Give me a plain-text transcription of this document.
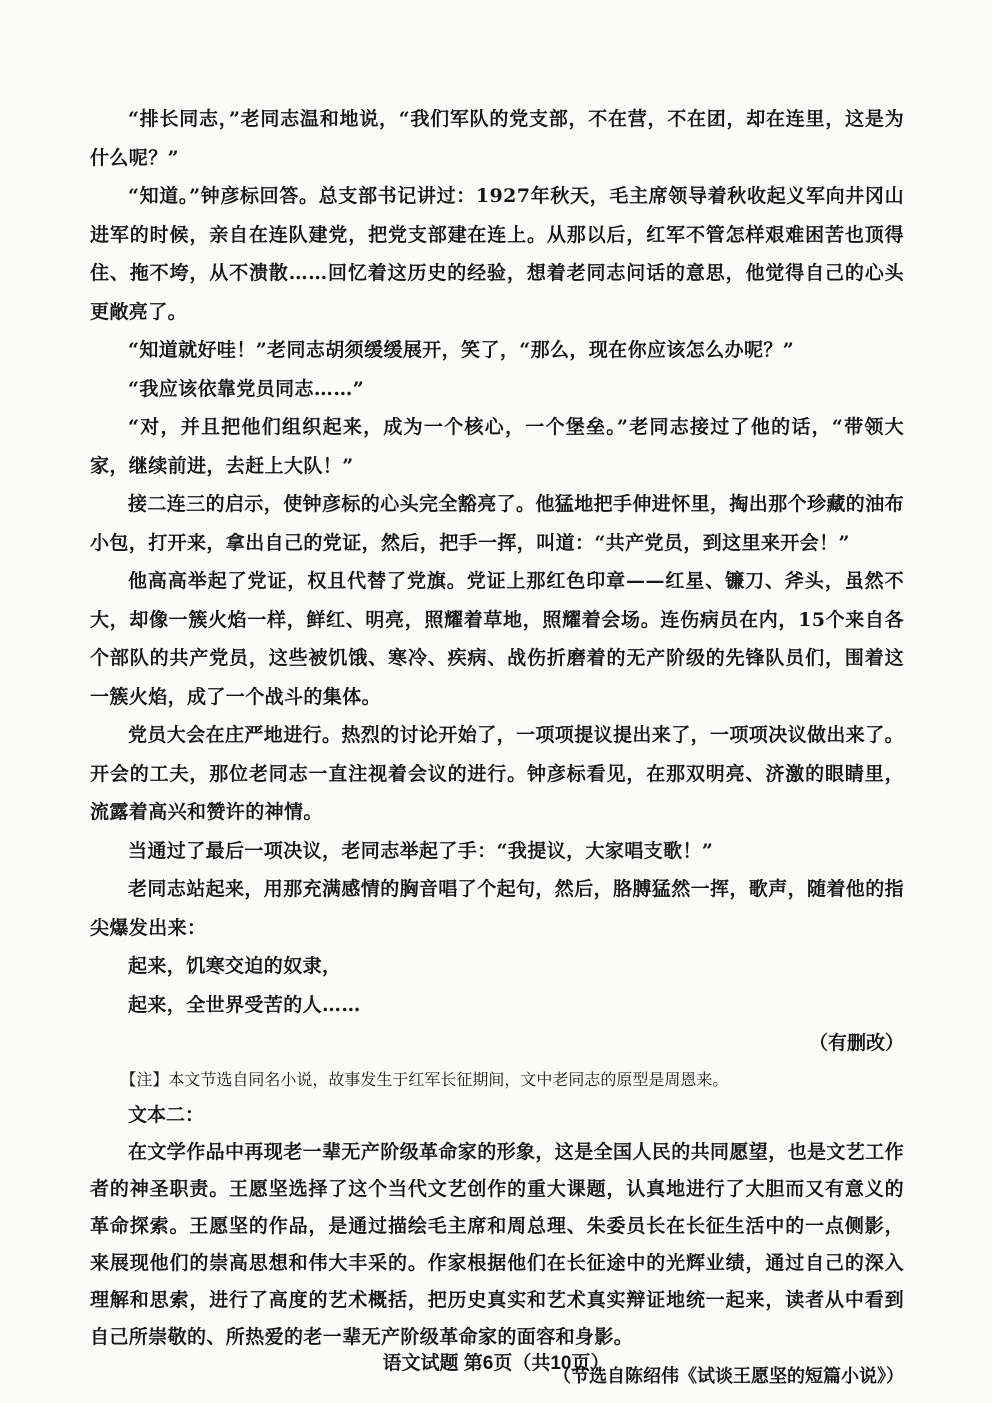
“排长同志，”老同志温和地说，“我们军队的党支部，不在营，不在团，却在连里，这是为什么呢？”

“知道。”钟彦标回答。总支部书记讲过：1927年秋天，毛主席领导着秋收起义军向井冈山进军的时候，亲自在连队建党，把党支部建在连上。从那以后，红军不管怎样艰难困苦也顶得住、拖不垮，从不溃散……回忆着这历史的经验，想着老同志问话的意思，他觉得自己的心头更敞亮了。

“知道就好哇！”老同志胡须缓缓展开，笑了，“那么，现在你应该怎么办呢？”

“我应该依靠党员同志……”

“对，并且把他们组织起来，成为一个核心，一个堡垒。”老同志接过了他的话，“带领大家，继续前进，去赶上大队！”

接二连三的启示，使钟彦标的心头完全豁亮了。他猛地把手伸进怀里，掏出那个珍藏的油布小包，打开来，拿出自己的党证，然后，把手一挥，叫道：“共产党员，到这里来开会！”

他高高举起了党证，权且代替了党旗。党证上那红色印章——红星、镰刀、斧头，虽然不大，却像一簇火焰一样，鲜红、明亮，照耀着草地，照耀着会场。连伤病员在内，15个来自各个部队的共产党员，这些被饥饿、寒冷、疾病、战伤折磨着的无产阶级的先锋队员们，围着这一簇火焰，成了一个战斗的集体。

党员大会在庄严地进行。热烈的讨论开始了，一项项提议提出来了，一项项决议做出来了。开会的工夫，那位老同志一直注视着会议的进行。钟彦标看见，在那双明亮、济激的眼睛里，流露着高兴和赞许的神情。

当通过了最后一项决议，老同志举起了手：“我提议，大家唱支歌！”

老同志站起来，用那充满感情的胸音唱了个起句，然后，胳膊猛然一挥，歌声，随着他的指尖爆发出来：

起来，饥寒交迫的奴隶，

起来，全世界受苦的人……

（有删改）

【注】本文节选自同名小说，故事发生于红军长征期间，文中老同志的原型是周恩来。

文本二：

在文学作品中再现老一辈无产阶级革命家的形象，这是全国人民的共同愿望，也是文艺工作者的神圣职责。王愿坚选择了这个当代文艺创作的重大课题，认真地进行了大胆而又有意义的革命探索。王愿坚的作品，是通过描绘毛主席和周总理、朱委员长在长征生活中的一点侧影，来展现他们的崇高思想和伟大丰采的。作家根据他们在长征途中的光辉业绩，通过自己的深入理解和思索，进行了高度的艺术概括，把历史真实和艺术真实辩证地统一起来，读者从中看到自己所崇敬的、所热爱的老一辈无产阶级革命家的面容和身影。

（节选自陈绍伟《试谈王愿坚的短篇小说》）

语文试题 第6页（共10页）
